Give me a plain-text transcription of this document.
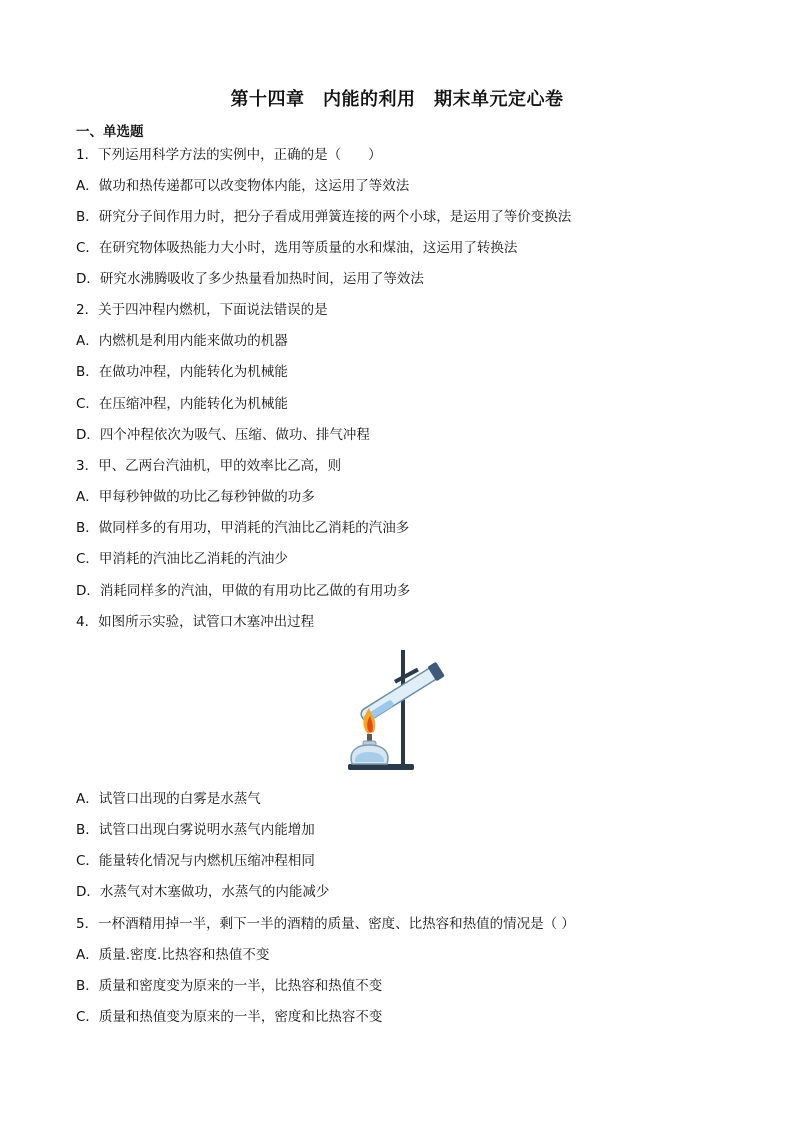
第十四章　内能的利用　期末单元定心卷
一、单选题
1．下列运用科学方法的实例中，正确的是（　　）
A．做功和热传递都可以改变物体内能，这运用了等效法
B．研究分子间作用力时，把分子看成用弹簧连接的两个小球，是运用了等价变换法
C．在研究物体吸热能力大小时，选用等质量的水和煤油，这运用了转换法
D．研究水沸腾吸收了多少热量看加热时间，运用了等效法
2．关于四冲程内燃机，下面说法错误的是
A．内燃机是利用内能来做功的机器
B．在做功冲程，内能转化为机械能
C．在压缩冲程，内能转化为机械能
D．四个冲程依次为吸气、压缩、做功、排气冲程
3．甲、乙两台汽油机，甲的效率比乙高，则
A．甲每秒钟做的功比乙每秒钟做的功多
B．做同样多的有用功，甲消耗的汽油比乙消耗的汽油多
C．甲消耗的汽油比乙消耗的汽油少
D．消耗同样多的汽油，甲做的有用功比乙做的有用功多
4．如图所示实验，试管口木塞冲出过程
A．试管口出现的白雾是水蒸气
B．试管口出现白雾说明水蒸气内能增加
C．能量转化情况与内燃机压缩冲程相同
D．水蒸气对木塞做功，水蒸气的内能减少
5．一杯酒精用掉一半，剩下一半的酒精的质量、密度、比热容和热值的情况是（ ）
A．质量.密度.比热容和热值不变
B．质量和密度变为原来的一半，比热容和热值不变
C．质量和热值变为原来的一半，密度和比热容不变
